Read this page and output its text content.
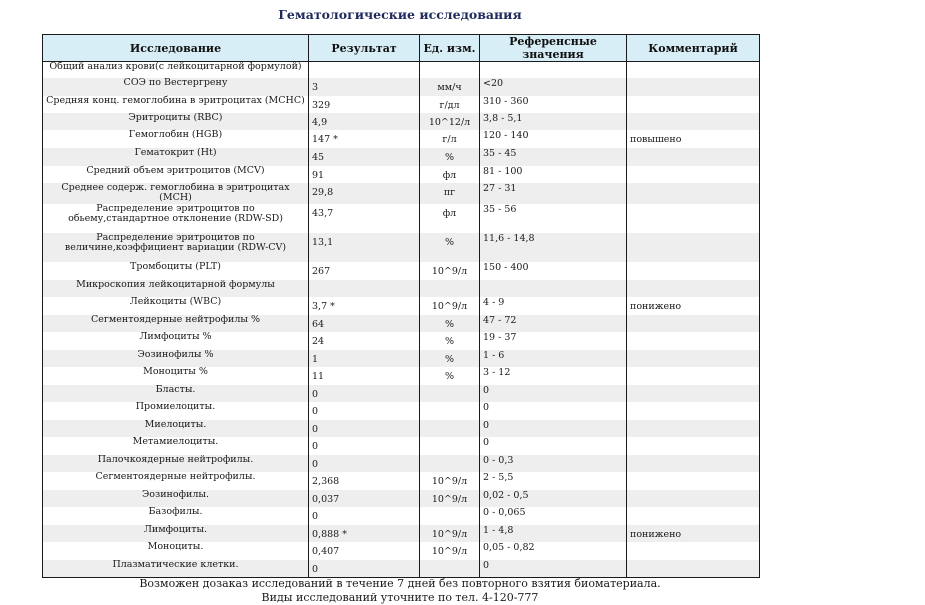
Гематологические исследования
Исследование	Результат	Ед. изм.	Референсные значения	Комментарий
Общий анализ крови(с лейкоцитарной формулой)				
СОЭ по Вестергрену	3	мм/ч	<20	
Средняя конц. гемоглобина в эритроцитах (MCHC)	329	г/дл	310 - 360	
Эритроциты (RBC)	4,9	10^12/л	3,8 - 5,1	
Гемоглобин (HGB)	147 *	г/л	120 - 140	повышено
Гематокрит (Ht)	45	%	35 - 45	
Средний объем эритроцитов (MCV)	91	фл	81 - 100	
Среднее содерж. гемоглобина в эритроцитах (MCH)	29,8	пг	27 - 31	
Распределение эритроцитов по обьему,стандартное отклонение (RDW-SD)	43,7	фл	35 - 56	
Распределение эритроцитов по величине,коэффициент вариации (RDW-CV)	13,1	%	11,6 - 14,8	
Тромбоциты (PLT)	267	10^9/л	150 - 400	
Микроскопия лейкоцитарной формулы				
Лейкоциты (WBC)	3,7 *	10^9/л	4 - 9	понижено
Сегментоядерные нейтрофилы %	64	%	47 - 72	
Лимфоциты %	24	%	19 - 37	
Эозинофилы %	1	%	1 - 6	
Моноциты %	11	%	3 - 12	
Бласты.	0		0	
Промиелоциты.	0		0	
Миелоциты.	0		0	
Метамиелоциты.	0		0	
Палочкоядерные нейтрофилы.	0		0 - 0,3	
Сегментоядерные нейтрофилы.	2,368	10^9/л	2 - 5,5	
Эозинофилы.	0,037	10^9/л	0,02 - 0,5	
Базофилы.	0		0 - 0,065	
Лимфоциты.	0,888 *	10^9/л	1 - 4,8	понижено
Моноциты.	0,407	10^9/л	0,05 - 0,82	
Плазматические клетки.	0		0	
Возможен дозаказ исследований в течение 7 дней без повторного взятия биоматериала.
Виды исследований уточните по тел. 4-120-777
